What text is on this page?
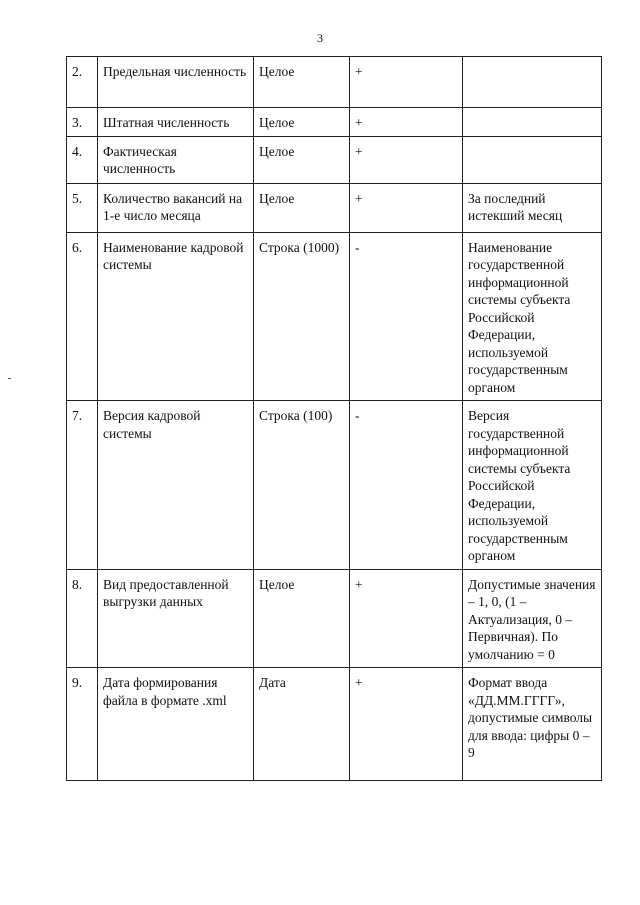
3
2.	Предельная численность	Целое	+	
3.	Штатная численность	Целое	+	
4.	Фактическая численность	Целое	+	
5.	Количество вакансий на 1-е число месяца	Целое	+	За последний истекший месяц
6.	Наименование кадровой системы	Строка (1000)	-	Наименование государственной информационной системы субъекта Российской Федерации, используемой государственным органом
7.	Версия кадровой системы	Строка (100)	-	Версия государственной информационной системы субъекта Российской Федерации, используемой государственным органом
8.	Вид предоставленной выгрузки данных	Целое	+	Допустимые значения – 1, 0, (1 – Актуализация, 0 – Первичная). По умолчанию = 0
9.	Дата формирования файла в формате .xml	Дата	+	Формат ввода «ДД.ММ.ГГГГ», допустимые символы для ввода: цифры 0 – 9
